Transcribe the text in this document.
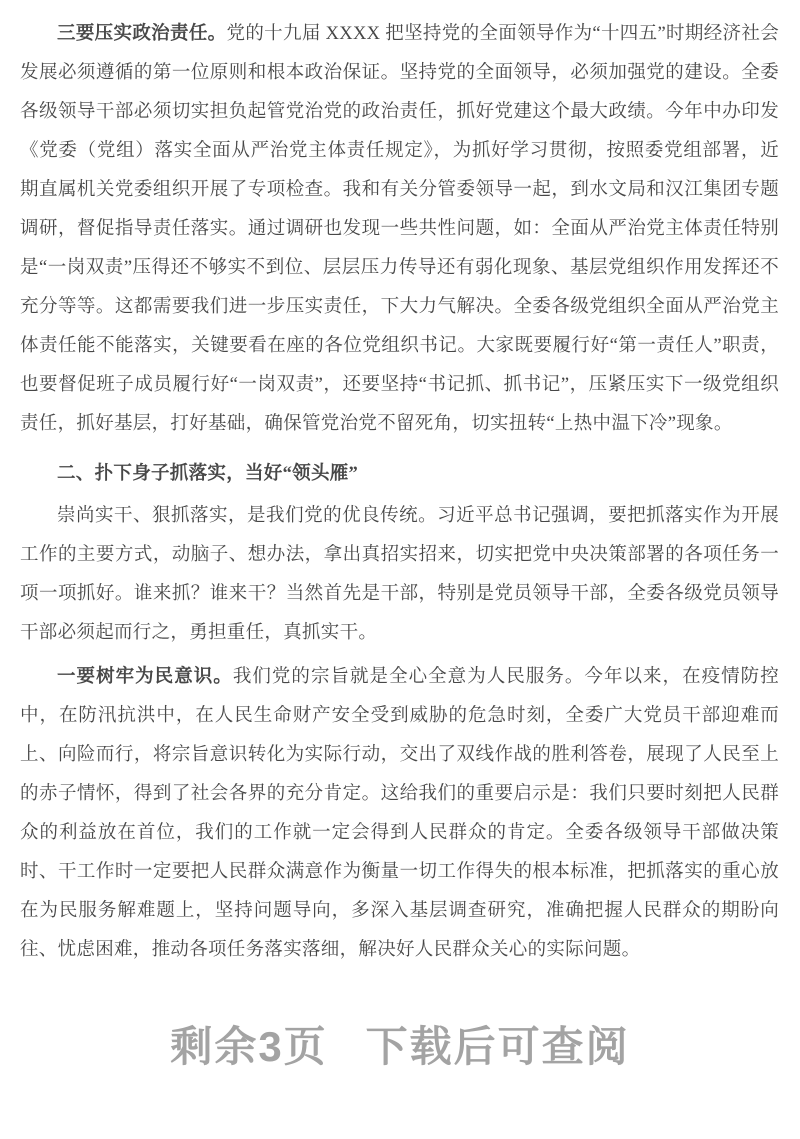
三要压实政治责任。党的十九届 XXXX 把坚持党的全面领导作为“十四五”时期经济社会发展必须遵循的第一位原则和根本政治保证。坚持党的全面领导，必须加强党的建设。全委各级领导干部必须切实担负起管党治党的政治责任，抓好党建这个最大政绩。今年中办印发《党委（党组）落实全面从严治党主体责任规定》，为抓好学习贯彻，按照委党组部署，近期直属机关党委组织开展了专项检查。我和有关分管委领导一起，到水文局和汉江集团专题调研，督促指导责任落实。通过调研也发现一些共性问题，如：全面从严治党主体责任特别是“一岗双责”压得还不够实不到位、层层压力传导还有弱化现象、基层党组织作用发挥还不充分等等。这都需要我们进一步压实责任，下大力气解决。全委各级党组织全面从严治党主体责任能不能落实，关键要看在座的各位党组织书记。大家既要履行好“第一责任人”职责，也要督促班子成员履行好“一岗双责”，还要坚持“书记抓、抓书记”，压紧压实下一级党组织责任，抓好基层，打好基础，确保管党治党不留死角，切实扭转“上热中温下冷”现象。

二、扑下身子抓落实，当好“领头雁”

崇尚实干、狠抓落实，是我们党的优良传统。习近平总书记强调，要把抓落实作为开展工作的主要方式，动脑子、想办法，拿出真招实招来，切实把党中央决策部署的各项任务一项一项抓好。谁来抓？谁来干？当然首先是干部，特别是党员领导干部，全委各级党员领导干部必须起而行之，勇担重任，真抓实干。

一要树牢为民意识。我们党的宗旨就是全心全意为人民服务。今年以来，在疫情防控中，在防汛抗洪中，在人民生命财产安全受到威胁的危急时刻，全委广大党员干部迎难而上、向险而行，将宗旨意识转化为实际行动，交出了双线作战的胜利答卷，展现了人民至上的赤子情怀，得到了社会各界的充分肯定。这给我们的重要启示是：我们只要时刻把人民群众的利益放在首位，我们的工作就一定会得到人民群众的肯定。全委各级领导干部做决策时、干工作时一定要把人民群众满意作为衡量一切工作得失的根本标准，把抓落实的重心放在为民服务解难题上，坚持问题导向，多深入基层调查研究，准确把握人民群众的期盼向往、忧虑困难，推动各项任务落实落细，解决好人民群众关心的实际问题。

剩余3页 下载后可查阅
